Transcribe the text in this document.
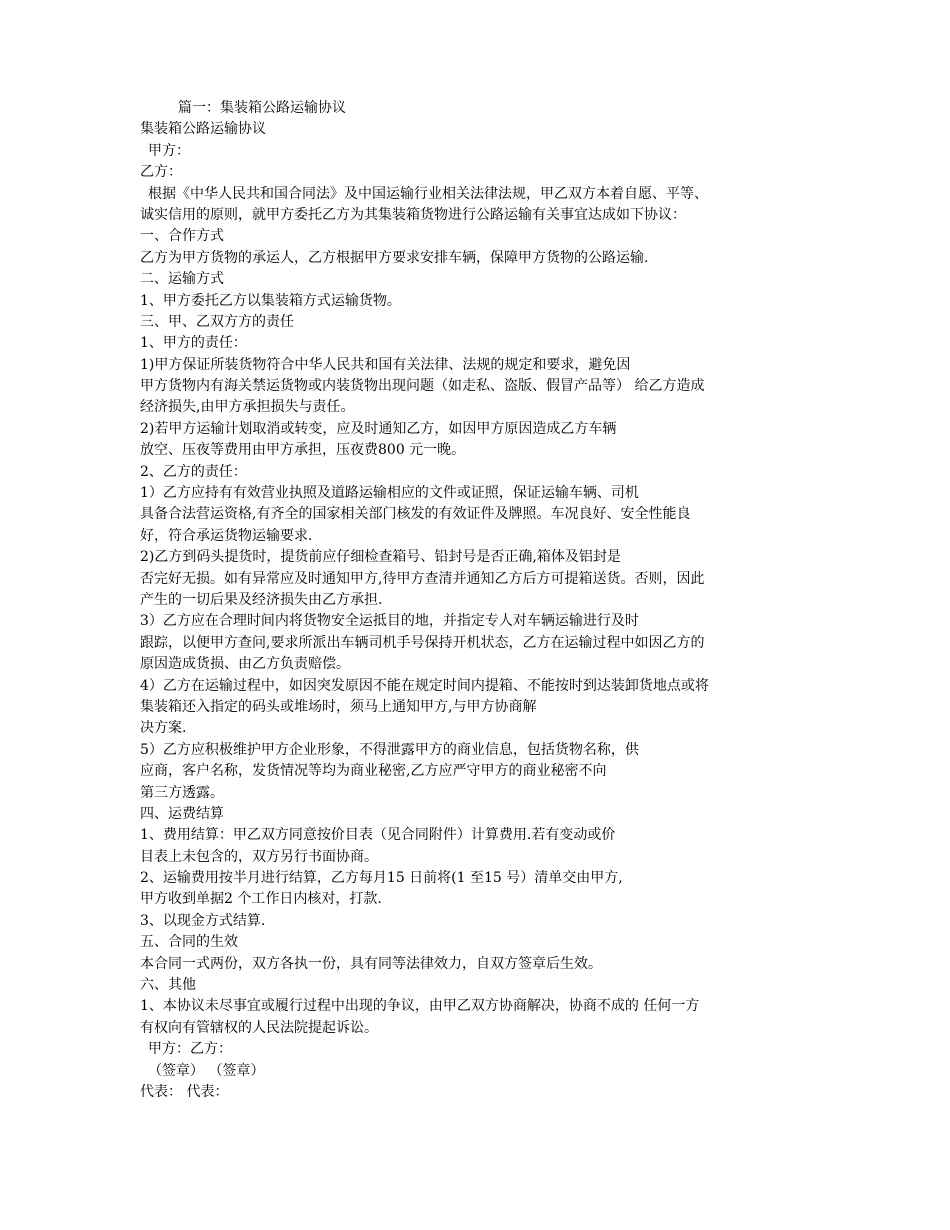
篇一：集装箱公路运输协议
集装箱公路运输协议
甲方：
乙方：
根据《中华人民共和国合同法》及中国运输行业相关法律法规，甲乙双方本着自愿、平等、
诚实信用的原则，就甲方委托乙方为其集装箱货物进行公路运输有关事宜达成如下协议：
一、合作方式
乙方为甲方货物的承运人，乙方根据甲方要求安排车辆，保障甲方货物的公路运输.
二、运输方式
1、甲方委托乙方以集装箱方式运输货物。
三、甲、乙双方方的责任
1、甲方的责任：
1)甲方保证所装货物符合中华人民共和国有关法律、法规的规定和要求，避免因
甲方货物内有海关禁运货物或内装货物出现问题（如走私、盗版、假冒产品等） 给乙方造成
经济损失,由甲方承担损失与责任。
2)若甲方运输计划取消或转变，应及时通知乙方，如因甲方原因造成乙方车辆
放空、压夜等费用由甲方承担，压夜费800 元一晚。
2、乙方的责任：
1）乙方应持有有效营业执照及道路运输相应的文件或证照，保证运输车辆、司机
具备合法营运资格,有齐全的国家相关部门核发的有效证件及牌照。车况良好、安全性能良
好，符合承运货物运输要求.
2)乙方到码头提货时，提货前应仔细检查箱号、铅封号是否正确,箱体及铝封是
否完好无损。如有异常应及时通知甲方,待甲方查清并通知乙方后方可提箱送货。否则，因此
产生的一切后果及经济损失由乙方承担.
3）乙方应在合理时间内将货物安全运抵目的地，并指定专人对车辆运输进行及时
跟踪，以便甲方查问,要求所派出车辆司机手号保持开机状态，乙方在运输过程中如因乙方的
原因造成货损、由乙方负责赔偿。
4）乙方在运输过程中，如因突发原因不能在规定时间内提箱、不能按时到达装卸货地点或将
集装箱还入指定的码头或堆场时，须马上通知甲方,与甲方协商解
决方案.
5）乙方应积极维护甲方企业形象，不得泄露甲方的商业信息，包括货物名称，供
应商，客户名称，发货情况等均为商业秘密,乙方应严守甲方的商业秘密不向
第三方透露。
四、运费结算
1、费用结算：甲乙双方同意按价目表（见合同附件）计算费用.若有变动或价
目表上未包含的，双方另行书面协商。
2、运输费用按半月进行结算，乙方每月15 日前将(1 至15 号）清单交由甲方,
甲方收到单据2 个工作日内核对，打款.
3、以现金方式结算.
五、合同的生效
本合同一式两份，双方各执一份，具有同等法律效力，自双方签章后生效。
六、其他
1、本协议未尽事宜或履行过程中出现的争议，由甲乙双方协商解决，协商不成的 任何一方
有权向有管辖权的人民法院提起诉讼。
甲方：乙方：
（签章） （签章）
代表： 代表：
